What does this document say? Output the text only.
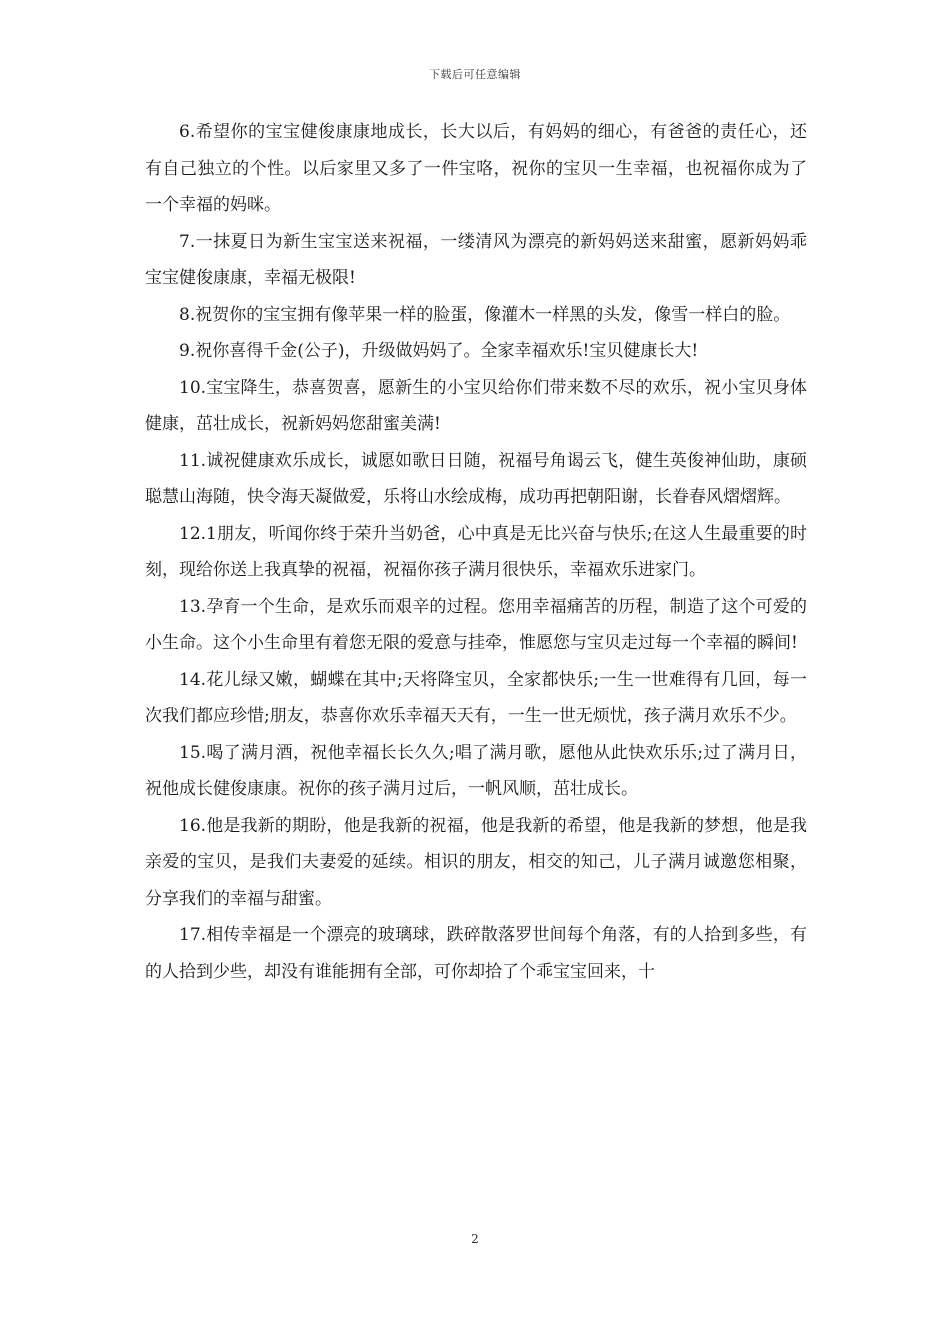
下载后可任意编辑

6.希望你的宝宝健俊康康地成长，长大以后，有妈妈的细心，有爸爸的责任心，还有自己独立的个性。以后家里又多了一件宝咯，祝你的宝贝一生幸福，也祝福你成为了一个幸福的妈咪。

7.一抹夏日为新生宝宝送来祝福，一缕清风为漂亮的新妈妈送来甜蜜，愿新妈妈乖宝宝健俊康康，幸福无极限!

8.祝贺你的宝宝拥有像苹果一样的脸蛋，像灌木一样黑的头发，像雪一样白的脸。

9.祝你喜得千金(公子)，升级做妈妈了。全家幸福欢乐!宝贝健康长大!

10.宝宝降生，恭喜贺喜，愿新生的小宝贝给你们带来数不尽的欢乐，祝小宝贝身体健康，茁壮成长，祝新妈妈您甜蜜美满!

11.诚祝健康欢乐成长，诚愿如歌日日随，祝福号角谒云飞，健生英俊神仙助，康硕聪慧山海随，快令海天凝做爱，乐将山水绘成梅，成功再把朝阳谢，长眷春风熠熠辉。

12.1朋友，听闻你终于荣升当奶爸，心中真是无比兴奋与快乐;在这人生最重要的时刻，现给你送上我真挚的祝福，祝福你孩子满月很快乐，幸福欢乐进家门。

13.孕育一个生命，是欢乐而艰辛的过程。您用幸福痛苦的历程，制造了这个可爱的小生命。这个小生命里有着您无限的爱意与挂牵，惟愿您与宝贝走过每一个幸福的瞬间!

14.花儿绿又嫩，蝴蝶在其中;天将降宝贝，全家都快乐;一生一世难得有几回，每一次我们都应珍惜;朋友，恭喜你欢乐幸福天天有，一生一世无烦忧，孩子满月欢乐不少。

15.喝了满月酒，祝他幸福长长久久;唱了满月歌，愿他从此快欢乐乐;过了满月日，祝他成长健俊康康。祝你的孩子满月过后，一帆风顺，茁壮成长。

16.他是我新的期盼，他是我新的祝福，他是我新的希望，他是我新的梦想，他是我亲爱的宝贝，是我们夫妻爱的延续。相识的朋友，相交的知己，儿子满月诚邀您相聚，分享我们的幸福与甜蜜。

17.相传幸福是一个漂亮的玻璃球，跌碎散落罗世间每个角落，有的人拾到多些，有的人拾到少些，却没有谁能拥有全部，可你却拾了个乖宝宝回来，十

2
